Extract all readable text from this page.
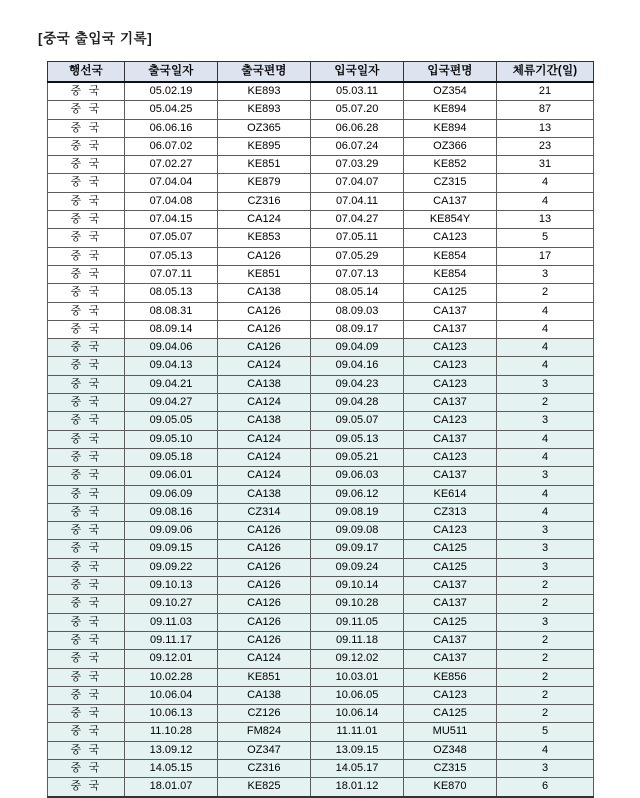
[중국 출입국 기록]
행선국	출국일자	출국편명	입국일자	입국편명	체류기간(일)
중 국	05.02.19	KE893	05.03.11	OZ354	21
중 국	05.04.25	KE893	05.07.20	KE894	87
중 국	06.06.16	OZ365	06.06.28	KE894	13
중 국	06.07.02	KE895	06.07.24	OZ366	23
중 국	07.02.27	KE851	07.03.29	KE852	31
중 국	07.04.04	KE879	07.04.07	CZ315	4
중 국	07.04.08	CZ316	07.04.11	CA137	4
중 국	07.04.15	CA124	07.04.27	KE854Y	13
중 국	07.05.07	KE853	07.05.11	CA123	5
중 국	07.05.13	CA126	07.05.29	KE854	17
중 국	07.07.11	KE851	07.07.13	KE854	3
중 국	08.05.13	CA138	08.05.14	CA125	2
중 국	08.08.31	CA126	08.09.03	CA137	4
중 국	08.09.14	CA126	08.09.17	CA137	4
중 국	09.04.06	CA126	09.04.09	CA123	4
중 국	09.04.13	CA124	09.04.16	CA123	4
중 국	09.04.21	CA138	09.04.23	CA123	3
중 국	09.04.27	CA124	09.04.28	CA137	2
중 국	09.05.05	CA138	09.05.07	CA123	3
중 국	09.05.10	CA124	09.05.13	CA137	4
중 국	09.05.18	CA124	09.05.21	CA123	4
중 국	09.06.01	CA124	09.06.03	CA137	3
중 국	09.06.09	CA138	09.06.12	KE614	4
중 국	09.08.16	CZ314	09.08.19	CZ313	4
중 국	09.09.06	CA126	09.09.08	CA123	3
중 국	09.09.15	CA126	09.09.17	CA125	3
중 국	09.09.22	CA126	09.09.24	CA125	3
중 국	09.10.13	CA126	09.10.14	CA137	2
중 국	09.10.27	CA126	09.10.28	CA137	2
중 국	09.11.03	CA126	09.11.05	CA125	3
중 국	09.11.17	CA126	09.11.18	CA137	2
중 국	09.12.01	CA124	09.12.02	CA137	2
중 국	10.02.28	KE851	10.03.01	KE856	2
중 국	10.06.04	CA138	10.06.05	CA123	2
중 국	10.06.13	CZ126	10.06.14	CA125	2
중 국	11.10.28	FM824	11.11.01	MU511	5
중 국	13.09.12	OZ347	13.09.15	OZ348	4
중 국	14.05.15	CZ316	14.05.17	CZ315	3
중 국	18.01.07	KE825	18.01.12	KE870	6
